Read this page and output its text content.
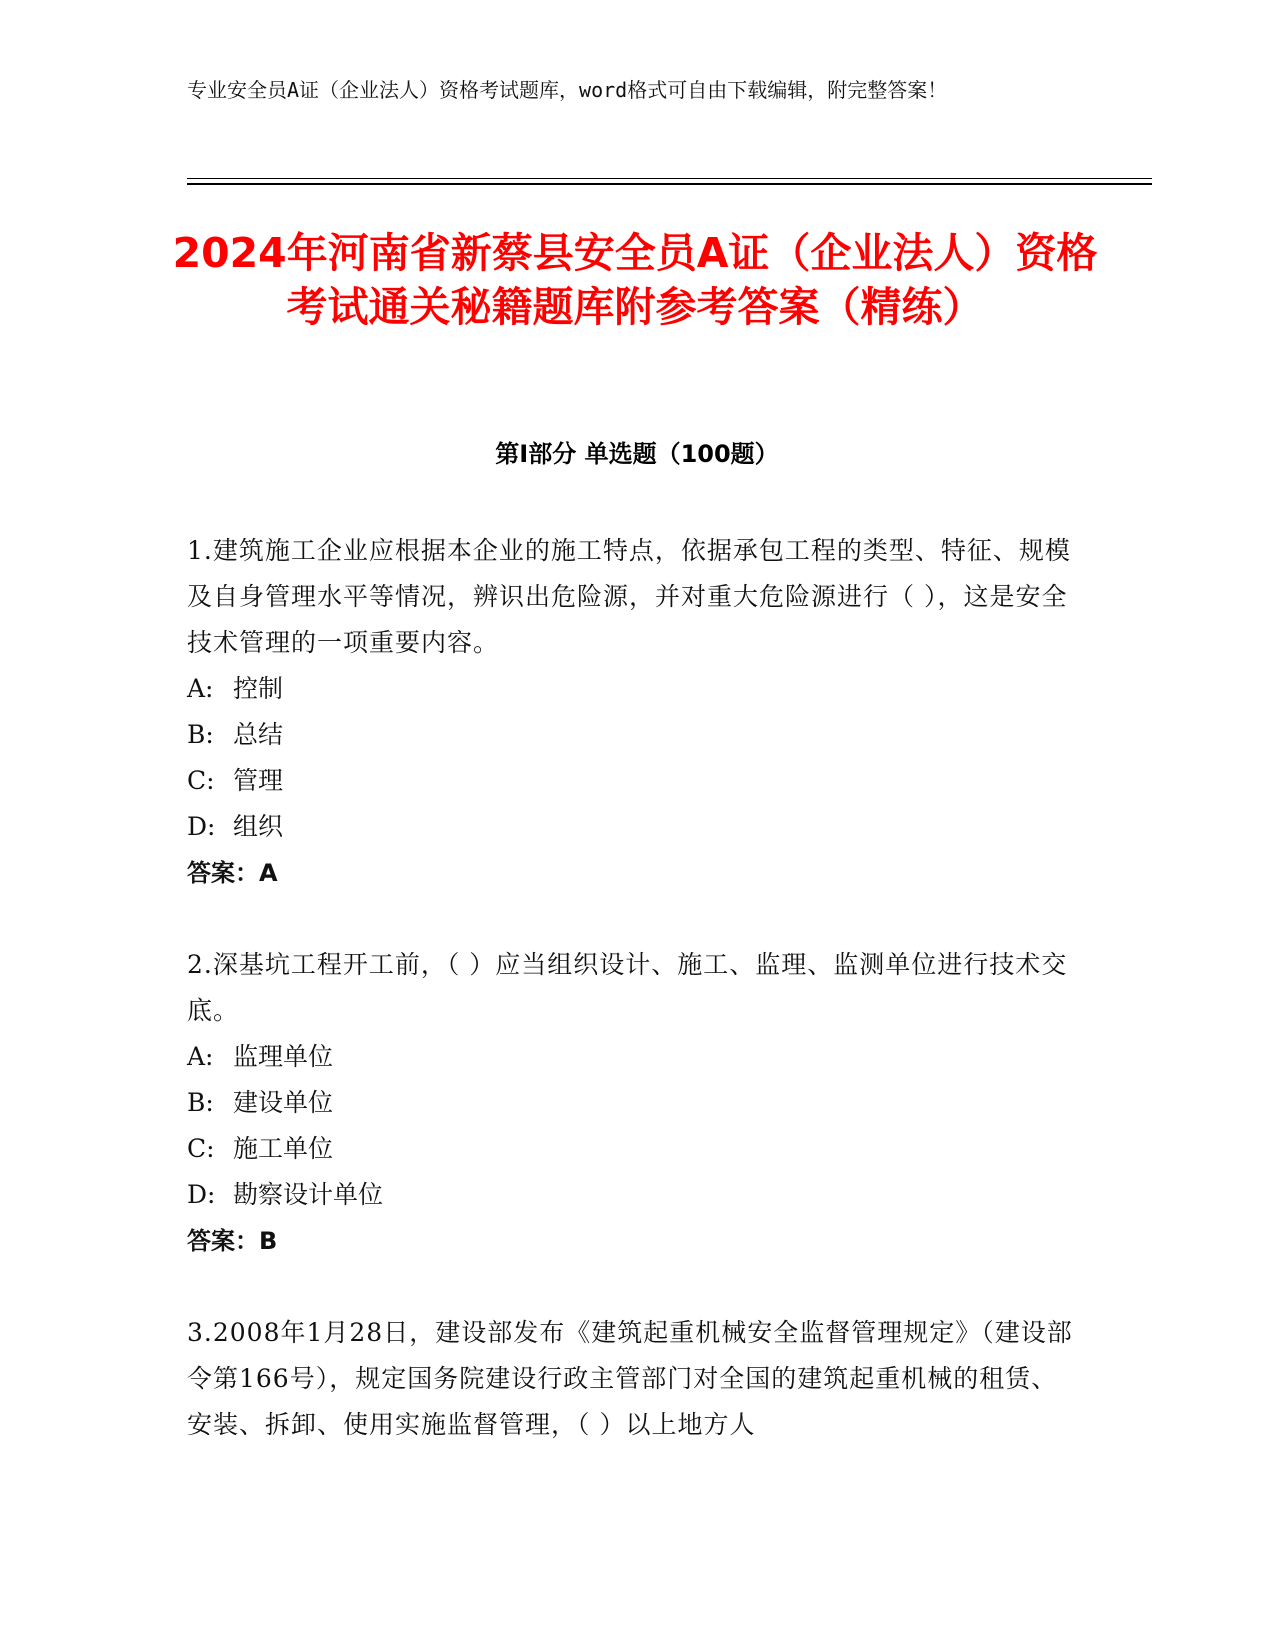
专业安全员A证（企业法人）资格考试题库，word格式可自由下载编辑，附完整答案！
2024年河南省新蔡县安全员A证（企业法人）资格考试通关秘籍题库附参考答案（精练）
第I部分 单选题（100题）
1.建筑施工企业应根据本企业的施工特点，依据承包工程的类型、特征、规模及自身管理水平等情况，辨识出危险源，并对重大危险源进行（ ），这是安全技术管理的一项重要内容。
A: 控制
B: 总结
C: 管理
D: 组织
答案：A
2.深基坑工程开工前，（ ）应当组织设计、施工、监理、监测单位进行技术交底。
A: 监理单位
B: 建设单位
C: 施工单位
D: 勘察设计单位
答案：B
3.2008年1月28日，建设部发布《建筑起重机械安全监督管理规定》（建设部令第166号），规定国务院建设行政主管部门对全国的建筑起重机械的租赁、安装、拆卸、使用实施监督管理，（ ）以上地方人
